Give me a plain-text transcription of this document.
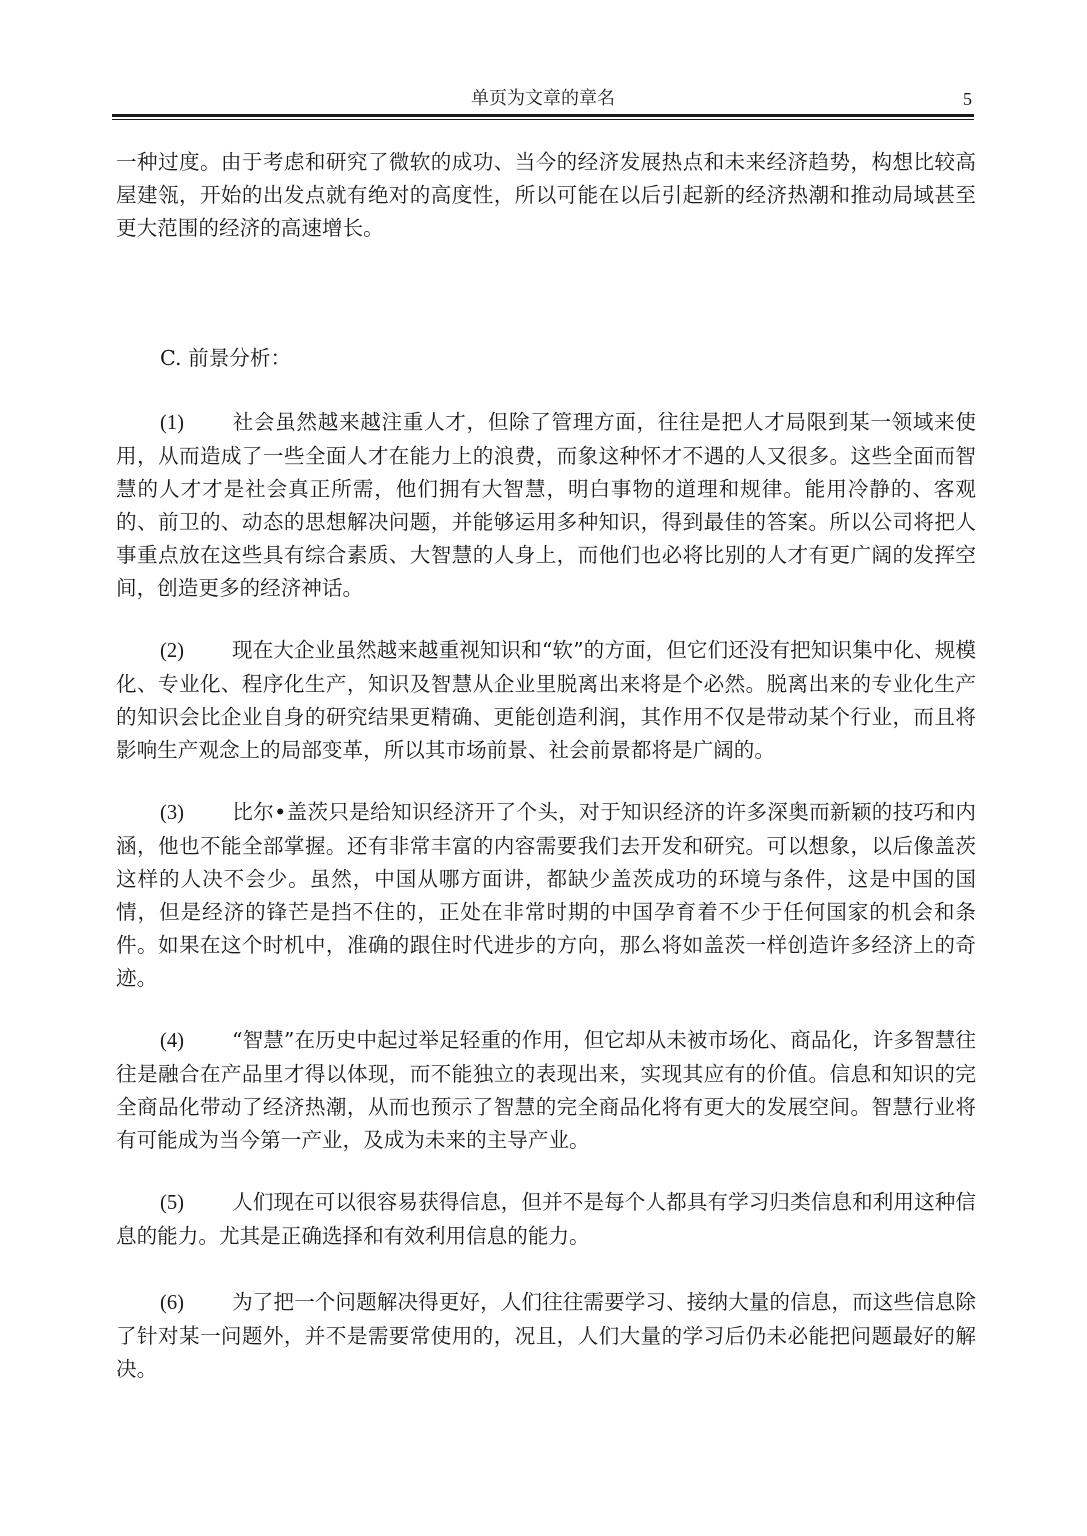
单页为文章的章名	5

一种过度。由于考虑和研究了微软的成功、当今的经济发展热点和未来经济趋势，构想比较高屋建瓴，开始的出发点就有绝对的高度性，所以可能在以后引起新的经济热潮和推动局域甚至更大范围的经济的高速增长。

C. 前景分析：

(1) 社会虽然越来越注重人才，但除了管理方面，往往是把人才局限到某一领域来使用，从而造成了一些全面人才在能力上的浪费，而象这种怀才不遇的人又很多。这些全面而智慧的人才才是社会真正所需，他们拥有大智慧，明白事物的道理和规律。能用冷静的、客观的、前卫的、动态的思想解决问题，并能够运用多种知识，得到最佳的答案。所以公司将把人事重点放在这些具有综合素质、大智慧的人身上，而他们也必将比别的人才有更广阔的发挥空间，创造更多的经济神话。

(2) 现在大企业虽然越来越重视知识和“软”的方面，但它们还没有把知识集中化、规模化、专业化、程序化生产，知识及智慧从企业里脱离出来将是个必然。脱离出来的专业化生产的知识会比企业自身的研究结果更精确、更能创造利润，其作用不仅是带动某个行业，而且将影响生产观念上的局部变革，所以其市场前景、社会前景都将是广阔的。

(3) 比尔•盖茨只是给知识经济开了个头，对于知识经济的许多深奥而新颖的技巧和内涵，他也不能全部掌握。还有非常丰富的内容需要我们去开发和研究。可以想象，以后像盖茨这样的人决不会少。虽然，中国从哪方面讲，都缺少盖茨成功的环境与条件，这是中国的国情，但是经济的锋芒是挡不住的，正处在非常时期的中国孕育着不少于任何国家的机会和条件。如果在这个时机中，准确的跟住时代进步的方向，那么将如盖茨一样创造许多经济上的奇迹。

(4) “智慧”在历史中起过举足轻重的作用，但它却从未被市场化、商品化，许多智慧往往是融合在产品里才得以体现，而不能独立的表现出来，实现其应有的价值。信息和知识的完全商品化带动了经济热潮，从而也预示了智慧的完全商品化将有更大的发展空间。智慧行业将有可能成为当今第一产业，及成为未来的主导产业。

(5) 人们现在可以很容易获得信息，但并不是每个人都具有学习归类信息和利用这种信息的能力。尤其是正确选择和有效利用信息的能力。

(6) 为了把一个问题解决得更好，人们往往需要学习、接纳大量的信息，而这些信息除了针对某一问题外，并不是需要常使用的，况且，人们大量的学习后仍未必能把问题最好的解决。
